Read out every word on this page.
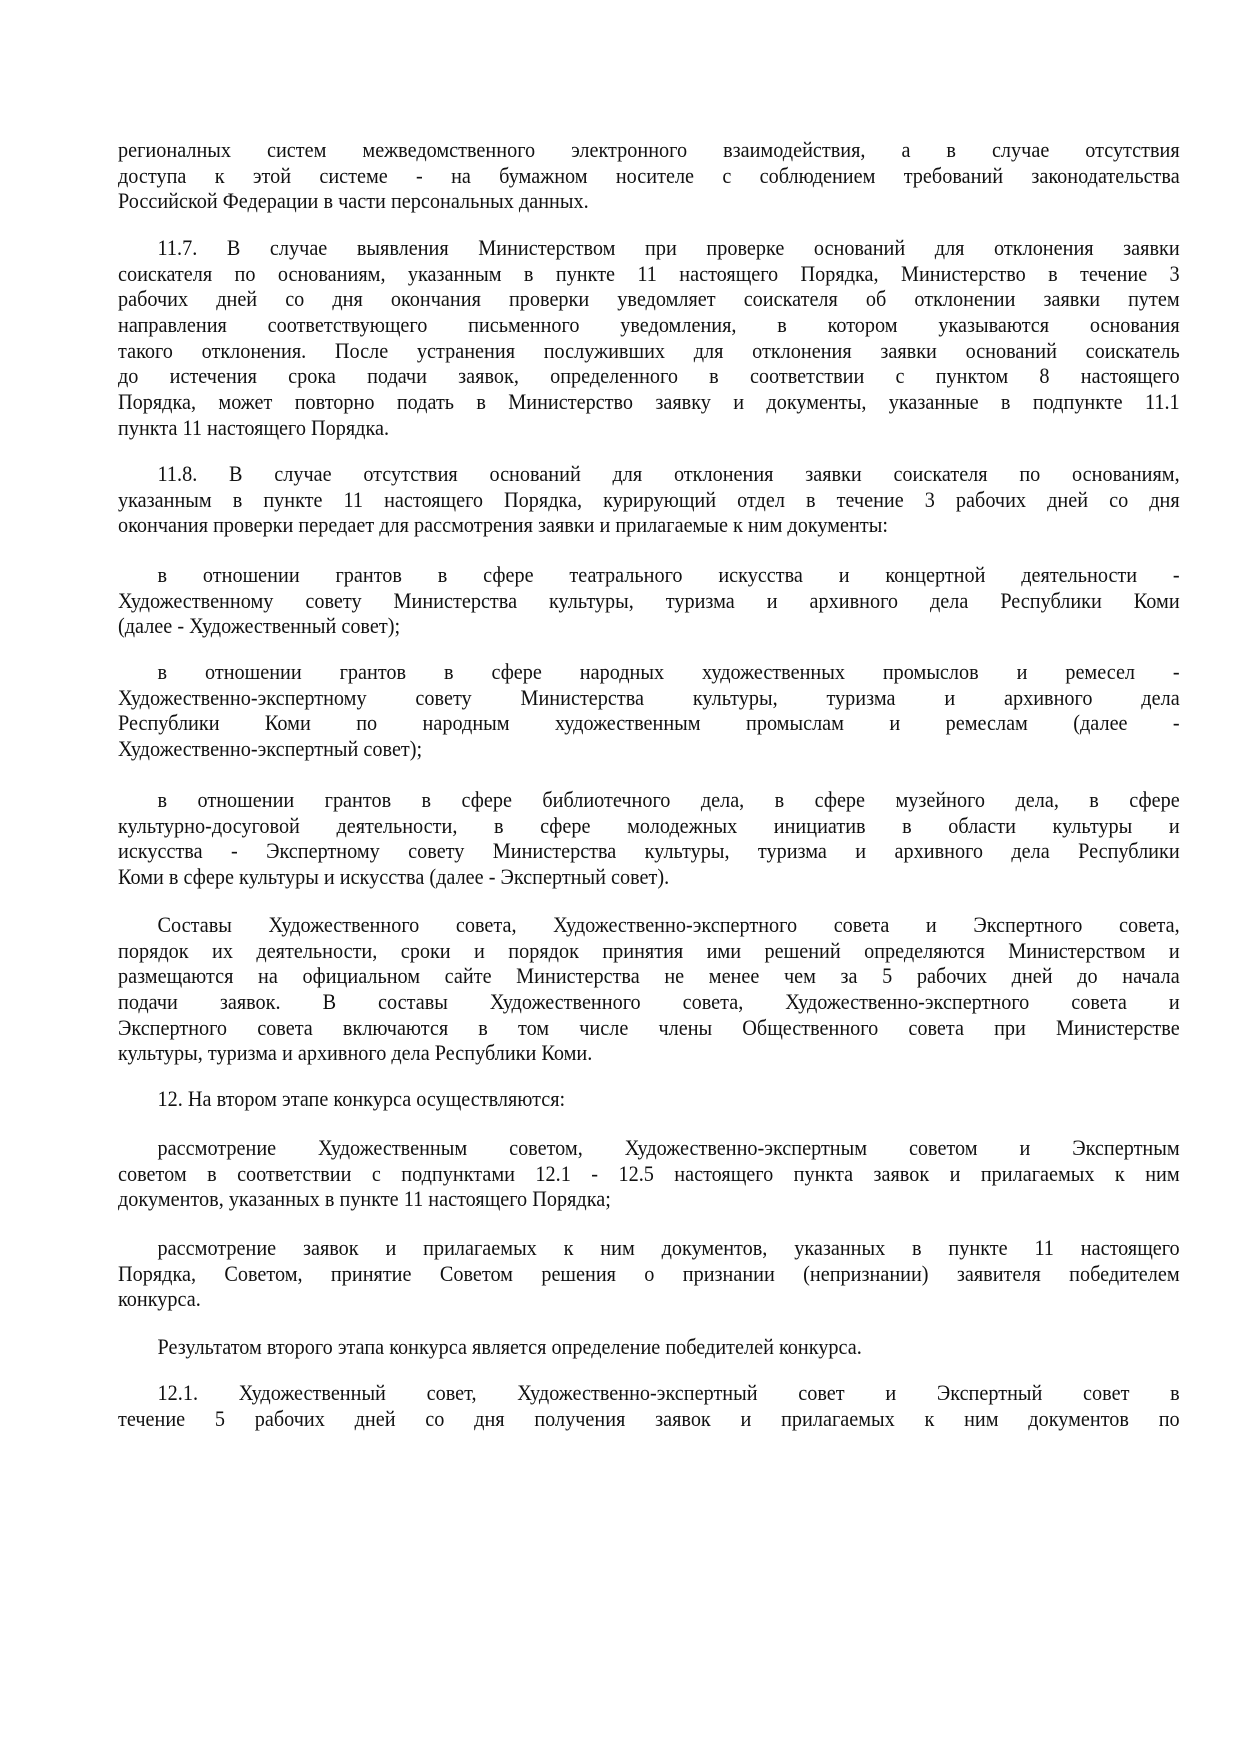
регионалных систем межведомственного электронного взаимодействия, а в случае отсутствия
доступа к этой системе - на бумажном носителе с соблюдением требований законодательства
Российской Федерации в части персональных данных.
11.7. В случае выявления Министерством при проверке оснований для отклонения заявки
соискателя по основаниям, указанным в пункте 11 настоящего Порядка, Министерство в течение 3
рабочих дней со дня окончания проверки уведомляет соискателя об отклонении заявки путем
направления соответствующего письменного уведомления, в котором указываются основания
такого отклонения. После устранения послуживших для отклонения заявки оснований соискатель
до истечения срока подачи заявок, определенного в соответствии с пунктом 8 настоящего
Порядка, может повторно подать в Министерство заявку и документы, указанные в подпункте 11.1
пункта 11 настоящего Порядка.
11.8. В случае отсутствия оснований для отклонения заявки соискателя по основаниям,
указанным в пункте 11 настоящего Порядка, курирующий отдел в течение 3 рабочих дней со дня
окончания проверки передает для рассмотрения заявки и прилагаемые к ним документы:
в отношении грантов в сфере театрального искусства и концертной деятельности -
Художественному совету Министерства культуры, туризма и архивного дела Республики Коми
(далее - Художественный совет);
в отношении грантов в сфере народных художественных промыслов и ремесел -
Художественно-экспертному совету Министерства культуры, туризма и архивного дела
Республики Коми по народным художественным промыслам и ремеслам (далее -
Художественно-экспертный совет);
в отношении грантов в сфере библиотечного дела, в сфере музейного дела, в сфере
культурно-досуговой деятельности, в сфере молодежных инициатив в области культуры и
искусства - Экспертному совету Министерства культуры, туризма и архивного дела Республики
Коми в сфере культуры и искусства (далее - Экспертный совет).
Составы Художественного совета, Художественно-экспертного совета и Экспертного совета,
порядок их деятельности, сроки и порядок принятия ими решений определяются Министерством и
размещаются на официальном сайте Министерства не менее чем за 5 рабочих дней до начала
подачи заявок. В составы Художественного совета, Художественно-экспертного совета и
Экспертного совета включаются в том числе члены Общественного совета при Министерстве
культуры, туризма и архивного дела Республики Коми.
12. На втором этапе конкурса осуществляются:
рассмотрение Художественным советом, Художественно-экспертным советом и Экспертным
советом в соответствии с подпунктами 12.1 - 12.5 настоящего пункта заявок и прилагаемых к ним
документов, указанных в пункте 11 настоящего Порядка;
рассмотрение заявок и прилагаемых к ним документов, указанных в пункте 11 настоящего
Порядка, Советом, принятие Советом решения о признании (непризнании) заявителя победителем
конкурса.
Результатом второго этапа конкурса является определение победителей конкурса.
12.1. Художественный совет, Художественно-экспертный совет и Экспертный совет в
течение 5 рабочих дней со дня получения заявок и прилагаемых к ним документов по
